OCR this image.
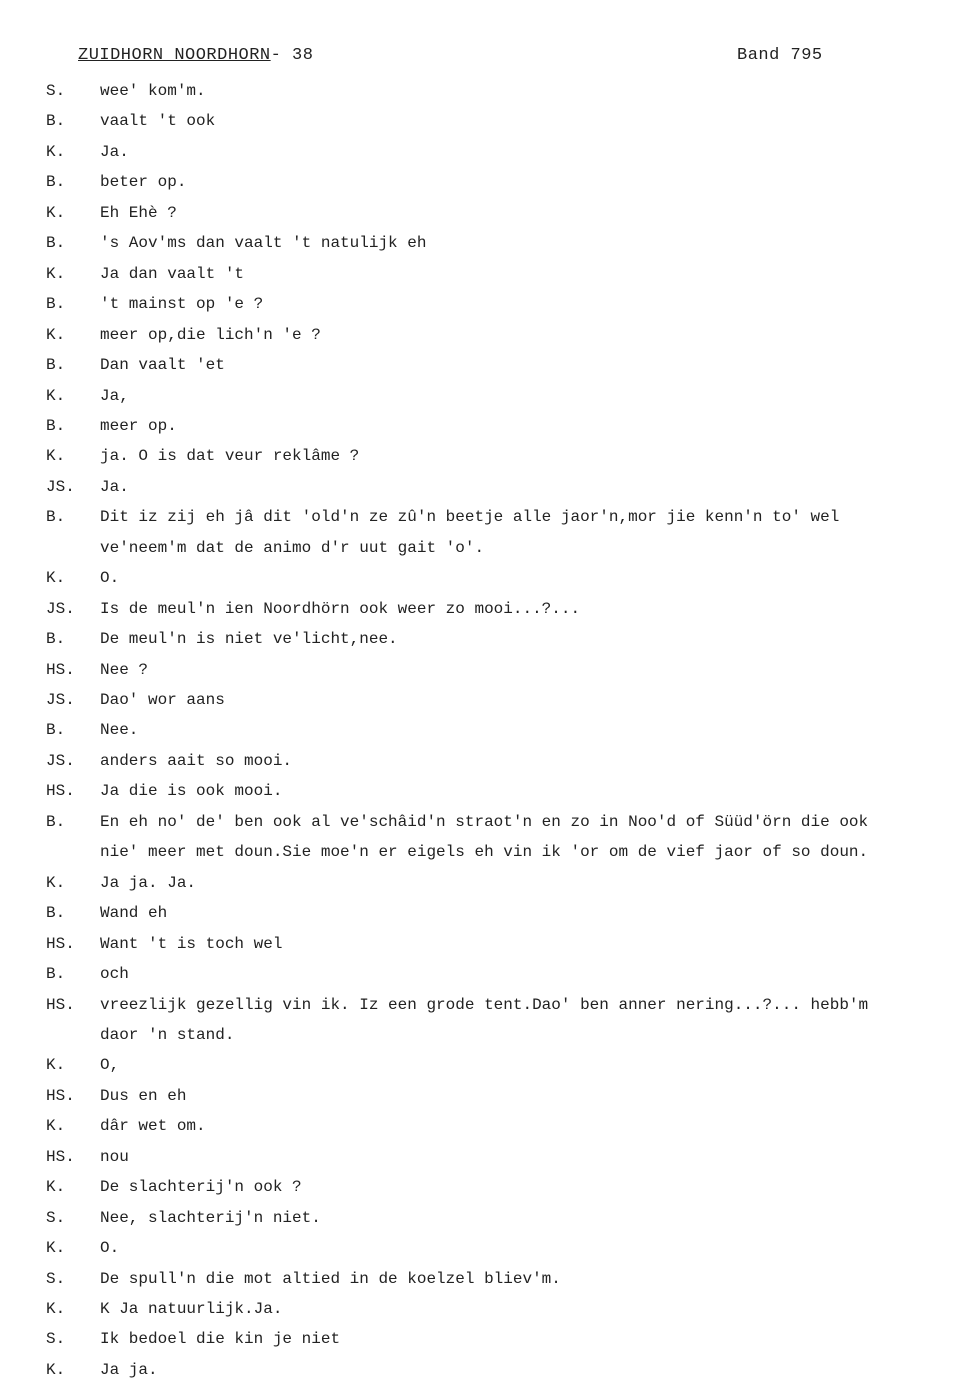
ZUIDHORN NOORDHORN- 38	Band 795
S. wee' kom'm.
B. vaalt 't ook
K. Ja.
B. beter op.
K. Eh Ehè ?
B. 's Aov'ms dan vaalt 't natulijk eh
K. Ja dan vaalt 't
B. 't mainst op 'e ?
K. meer op,die lich'n 'e ?
B. Dan vaalt 'et
K. Ja,
B. meer op.
K. ja. O is dat veur reklâme ?
JS. Ja.
B. Dit iz zij eh jâ dit 'old'n ze zû'n beetje alle jaor'n,mor jie kenn'n to' wel
ve'neem'm dat de animo d'r uut gait 'o'.
K. O.
JS. Is de meul'n ien Noordhörn ook weer zo mooi...?...
B. De meul'n is niet ve'licht,nee.
HS. Nee ?
JS. Dao' wor aans
B. Nee.
JS. anders aait so mooi.
HS. Ja die is ook mooi.
B. En eh no' de' ben ook al ve'schâid'n straot'n en zo in Noo'd of Süüd'örn die ook
nie' meer met doun.Sie moe'n er eigels eh vin ik 'or om de vief jaor of so doun.
K. Ja ja. Ja.
B. Wand eh
HS. Want 't is toch wel
B. och
HS. vreezlijk gezellig vin ik. Iz een grode tent.Dao' ben anner nering...?... hebb'm
daor 'n stand.
K. O,
HS. Dus en eh
K. dâr wet om.
HS. nou
K. De slachterij'n ook ?
S. Nee, slachterij'n niet.
K. O.
S. De spull'n die mot altied in de koelzel bliev'm.
K. K Ja natuurlijk.Ja.
S. Ik bedoel die kin je niet
K. Ja ja.
